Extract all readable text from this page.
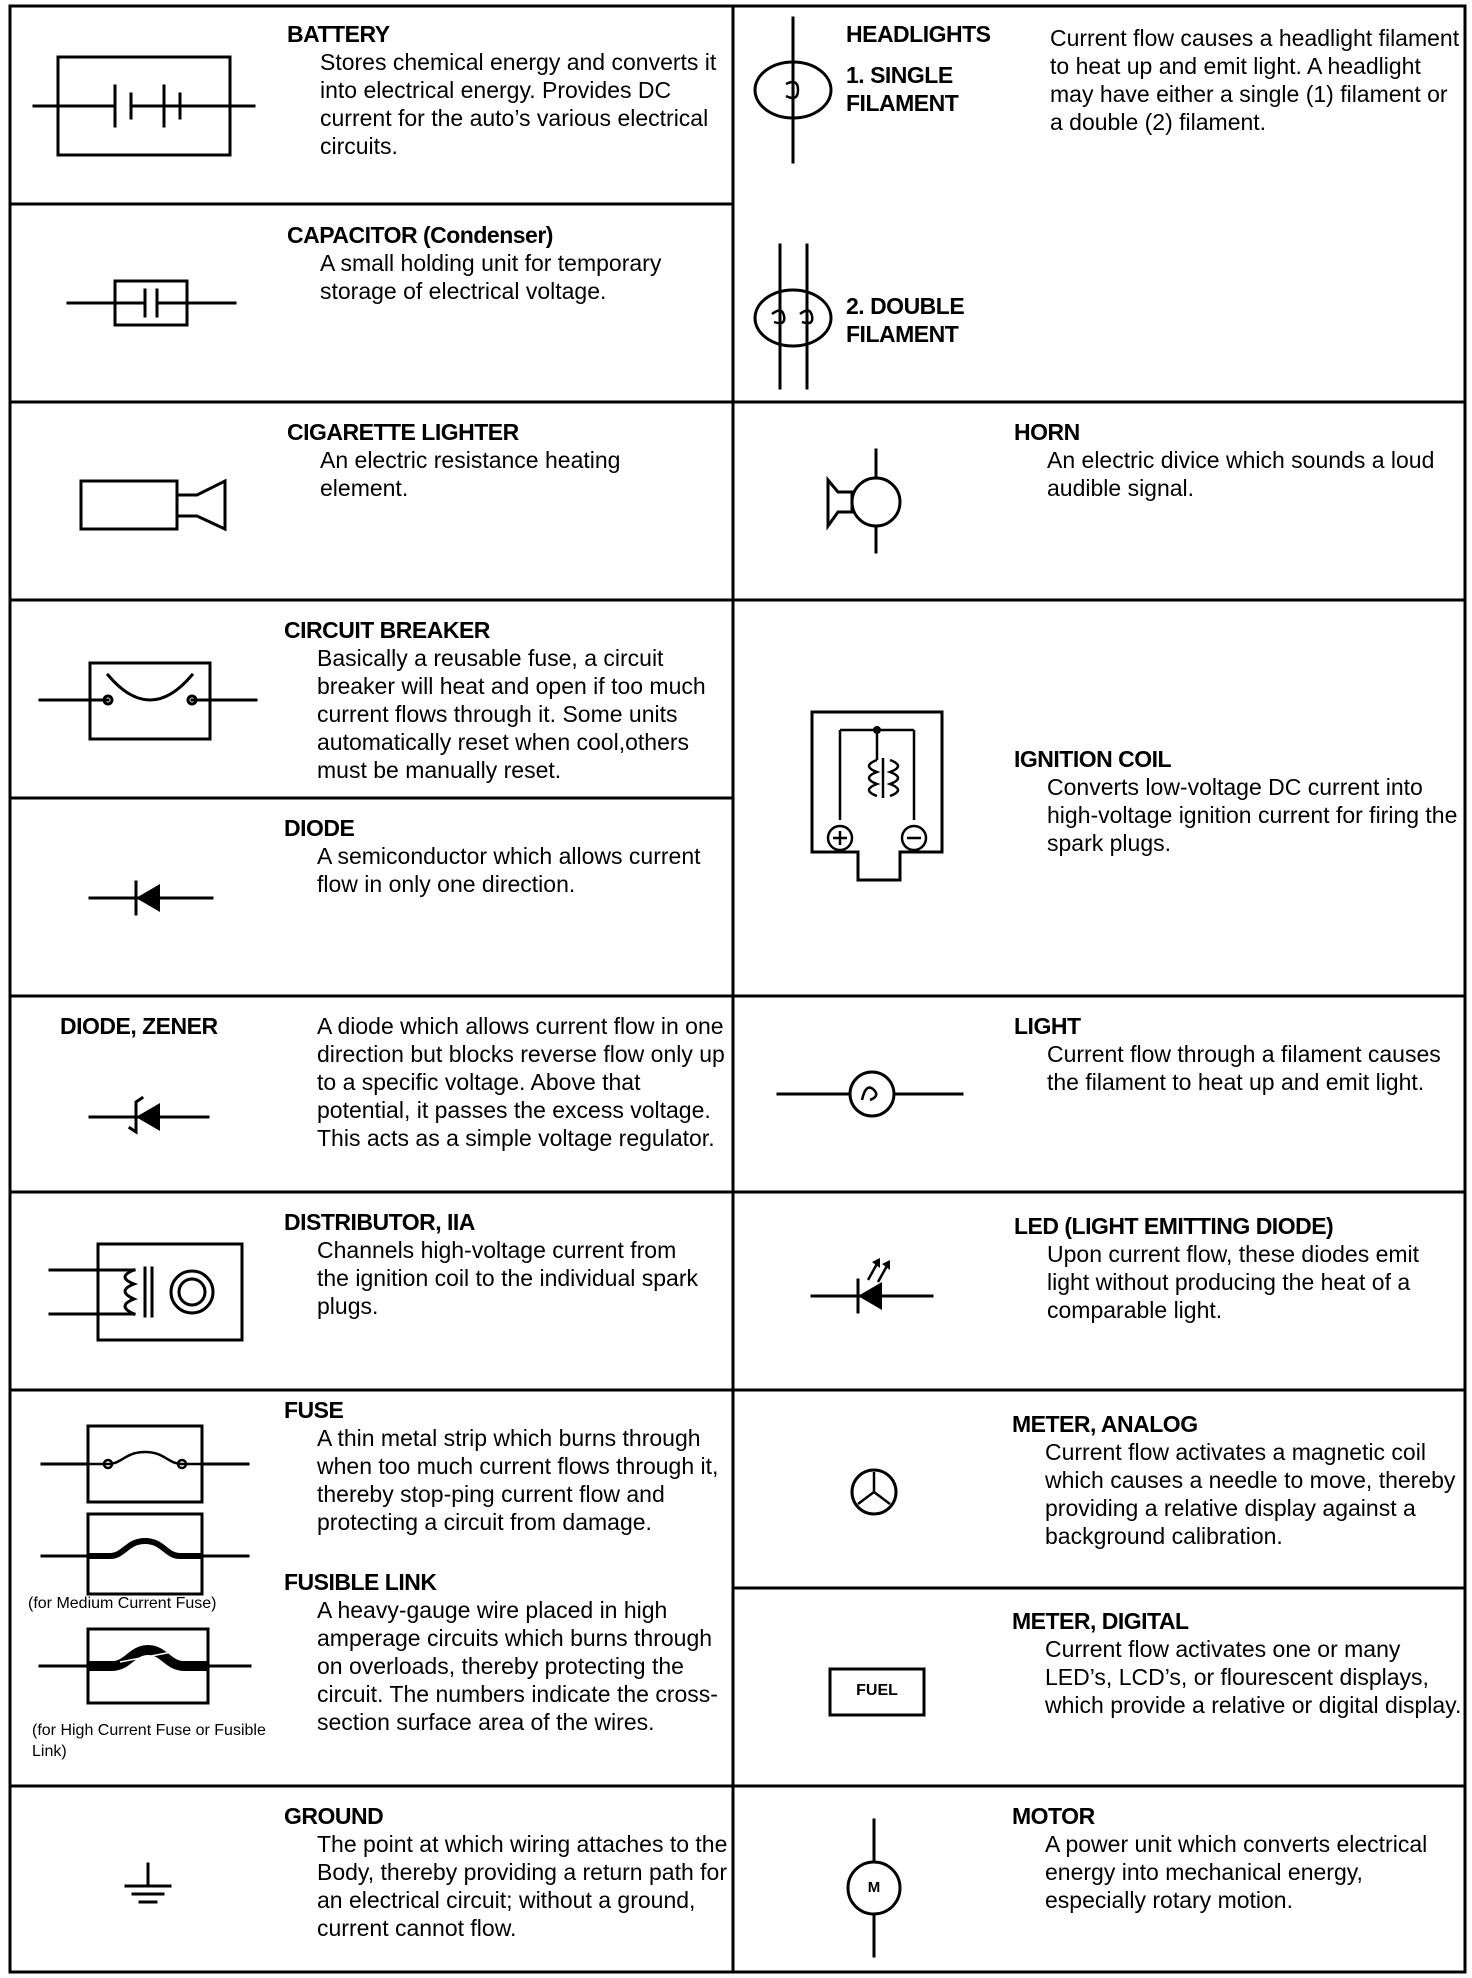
BATTERY
Stores chemical energy and converts it into electrical energy. Provides DC current for the auto’s various electrical circuits.
CAPACITOR (Condenser)
A small holding unit for temporary storage of electrical voltage.
CIGARETTE LIGHTER
An electric resistance heating element.
CIRCUIT BREAKER
Basically a reusable fuse, a circuit breaker will heat and open if too much current flows through it. Some units automatically reset when cool,others must be manually reset.
DIODE
A semiconductor which allows current flow in only one direction.
DIODE, ZENER	A diode which allows current flow in one direction but blocks reverse flow only up to a specific voltage. Above that potential, it passes the excess voltage. This acts as a simple voltage regulator.
DISTRIBUTOR, IIA
Channels high-voltage current from the ignition coil to the individual spark plugs.
FUSE
A thin metal strip which burns through when too much current flows through it, thereby stop-ping current flow and protecting a circuit from damage.
FUSIBLE LINK
A heavy-gauge wire placed in high amperage circuits which burns through on overloads, thereby protecting the circuit. The numbers indicate the cross-section surface area of the wires.
(for Medium Current Fuse)
(for High Current Fuse or Fusible Link)
GROUND
The point at which wiring attaches to the Body, thereby providing a return path for an electrical circuit; without a ground, current cannot flow.
HEADLIGHTS
1. SINGLE FILAMENT
2. DOUBLE FILAMENT
Current flow causes a headlight filament to heat up and emit light. A headlight may have either a single (1) filament or a double (2) filament.
HORN
An electric divice which sounds a loud audible signal.
IGNITION COIL
Converts low-voltage DC current into high-voltage ignition current for firing the spark plugs.
LIGHT
Current flow through a filament causes the filament to heat up and emit light.
LED (LIGHT EMITTING DIODE)
Upon current flow, these diodes emit light without producing the heat of a comparable light.
METER, ANALOG
Current flow activates a magnetic coil which causes a needle to move, thereby providing a relative display against a background calibration.
METER, DIGITAL
Current flow activates one or many LED’s, LCD’s, or flourescent displays, which provide a relative or digital display.
FUEL
MOTOR
A power unit which converts electrical energy into mechanical energy, especially rotary motion.
M
